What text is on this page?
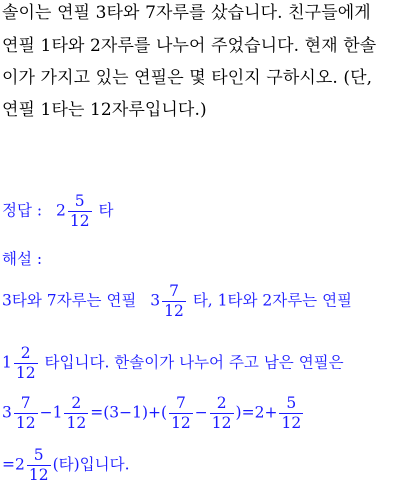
솔이는 연필 3타와 7자루를 샀습니다. 친구들에게
연필 1타와 2자루를 나누어 주었습니다. 현재 한솔
이가 가지고 있는 연필은 몇 타인지 구하시오. (단,
연필 1타는 12자루입니다.)
정답 : $2 \frac{5}{12}$ 타
해설 :
3타와 7자루는 연필 $3 \frac{7}{12}$ 타, 1타와 2자루는 연필
$1 \frac{2}{12}$ 타입니다. 한솔이가 나누어 주고 남은 연필은
$3 \frac{7}{12} -1 \frac{2}{12} =(3-1)+( \frac{7}{12} - \frac{2}{12} )=2+ \frac{5}{12}$
$=2 \frac{5}{12}$ (타)입니다.
